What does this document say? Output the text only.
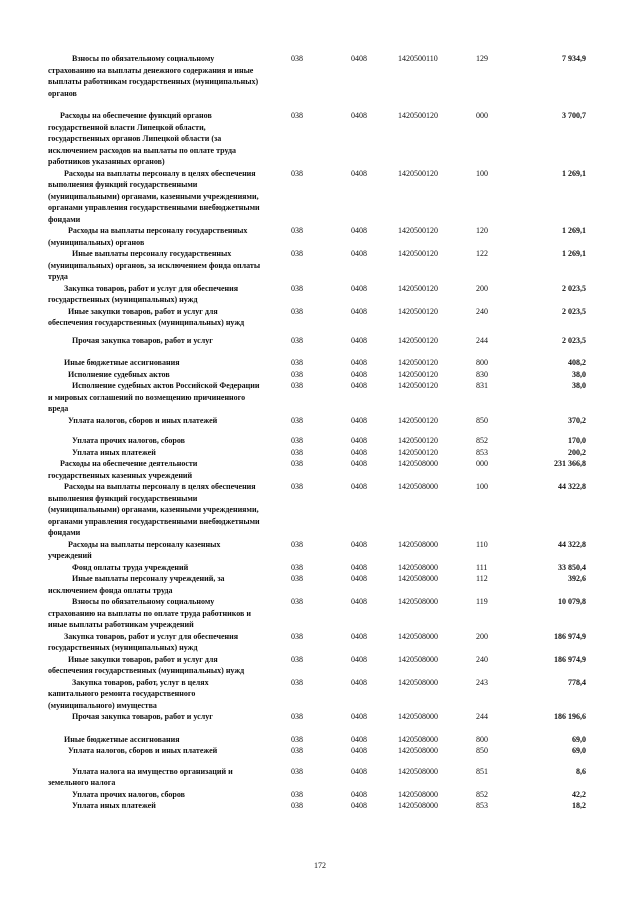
Взносы по обязательному социальному страхованию на выплаты денежного содержания и иные выплаты работникам государственных (муниципальных) органов
038	0408	1420500110	129	7 934,9
Расходы на обеспечение функций органов государственной власти Липецкой области, государственных органов Липецкой области (за исключением расходов на выплаты по оплате труда работников указанных органов)
038	0408	1420500120	000	3 700,7
Расходы на выплаты персоналу в целях обеспечения выполнения функций государственными (муниципальными) органами, казенными учреждениями, органами управления государственными внебюджетными фондами
038	0408	1420500120	100	1 269,1
Расходы на выплаты персоналу государственных (муниципальных) органов
038	0408	1420500120	120	1 269,1
Иные выплаты персоналу государственных (муниципальных) органов, за исключением фонда оплаты труда
038	0408	1420500120	122	1 269,1
Закупка товаров, работ и услуг для обеспечения государственных (муниципальных) нужд
038	0408	1420500120	200	2 023,5
Иные закупки товаров, работ и услуг для обеспечения государственных (муниципальных) нужд
038	0408	1420500120	240	2 023,5
Прочая закупка товаров, работ и услуг	038	0408	1420500120	244	2 023,5
Иные бюджетные ассигнования	038	0408	1420500120	800	408,2
Исполнение судебных актов	038	0408	1420500120	830	38,0
Исполнение судебных актов Российской Федерации и мировых соглашений по возмещению причиненного вреда
038	0408	1420500120	831	38,0
Уплата налогов, сборов и иных платежей	038	0408	1420500120	850	370,2
Уплата прочих налогов, сборов	038	0408	1420500120	852	170,0
Уплата иных платежей	038	0408	1420500120	853	200,2
Расходы на обеспечение деятельности государственных казенных учреждений
038	0408	1420508000	000	231 366,8
Расходы на выплаты персоналу в целях обеспечения выполнения функций государственными (муниципальными) органами, казенными учреждениями, органами управления государственными внебюджетными фондами
038	0408	1420508000	100	44 322,8
Расходы на выплаты персоналу казенных учреждений
038	0408	1420508000	110	44 322,8
Фонд оплаты труда учреждений	038	0408	1420508000	111	33 850,4
Иные выплаты персоналу учреждений, за исключением фонда оплаты труда
038	0408	1420508000	112	392,6
Взносы по обязательному социальному страхованию на выплаты по оплате труда работников и иные выплаты работникам учреждений
038	0408	1420508000	119	10 079,8
Закупка товаров, работ и услуг для обеспечения государственных (муниципальных) нужд
038	0408	1420508000	200	186 974,9
Иные закупки товаров, работ и услуг для обеспечения государственных (муниципальных) нужд
038	0408	1420508000	240	186 974,9
Закупка товаров, работ, услуг в целях капитального ремонта государственного (муниципального) имущества
038	0408	1420508000	243	778,4
Прочая закупка товаров, работ и услуг	038	0408	1420508000	244	186 196,6
Иные бюджетные ассигнования	038	0408	1420508000	800	69,0
Уплата налогов, сборов и иных платежей	038	0408	1420508000	850	69,0
Уплата налога на имущество организаций и земельного налога
038	0408	1420508000	851	8,6
Уплата прочих налогов, сборов	038	0408	1420508000	852	42,2
Уплата иных платежей	038	0408	1420508000	853	18,2
172
